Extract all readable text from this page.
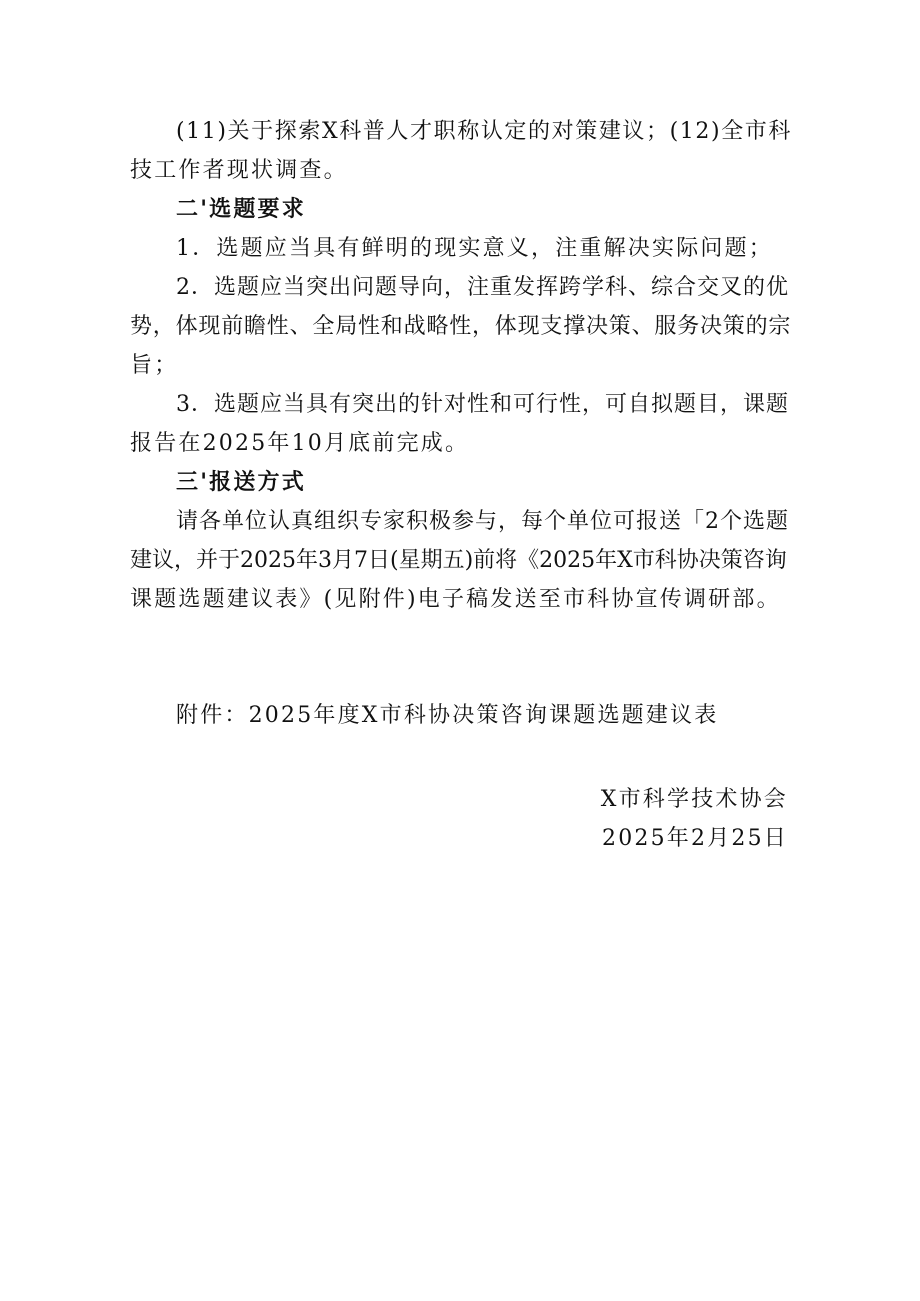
(11)关于探索X科普人才职称认定的对策建议；(12)全市科
技工作者现状调查。
二'选题要求
1．选题应当具有鲜明的现实意义，注重解决实际问题；
2．选题应当突出问题导向，注重发挥跨学科、综合交叉的优
势，体现前瞻性、全局性和战略性，体现支撑决策、服务决策的宗
旨；
3．选题应当具有突出的针对性和可行性，可自拟题目，课题
报告在2025年10月底前完成。
三'报送方式
请各单位认真组织专家积极参与，每个单位可报送「2个选题
建议，并于2025年3月7日(星期五)前将《2025年X市科协决策咨询
课题选题建议表》(见附件)电子稿发送至市科协宣传调研部。
附件：2025年度X市科协决策咨询课题选题建议表
X市科学技术协会
2025年2月25日
